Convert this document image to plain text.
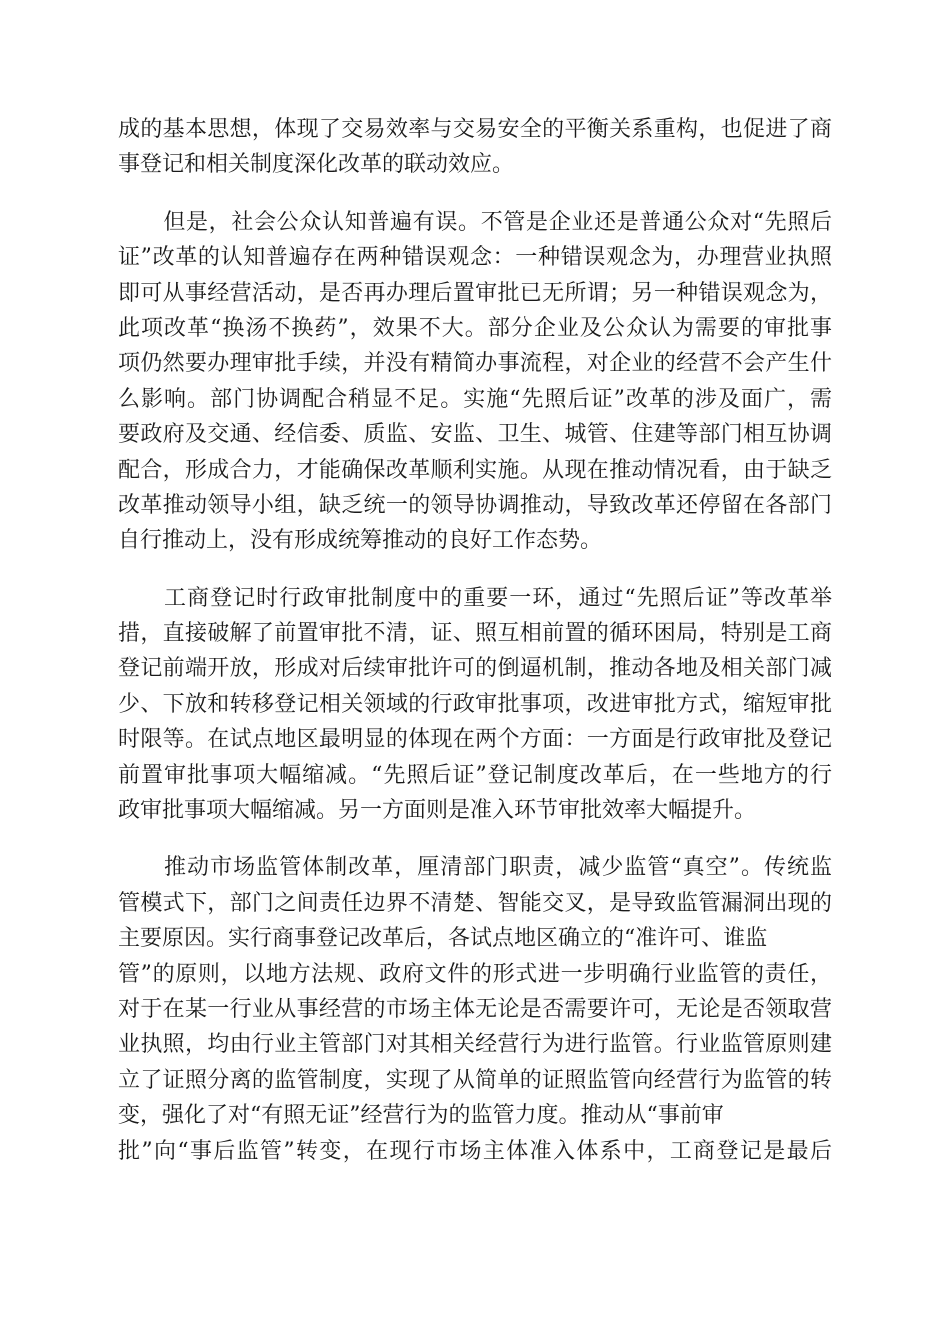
成的基本思想，体现了交易效率与交易安全的平衡关系重构，也促进了商
事登记和相关制度深化改革的联动效应。
　　但是，社会公众认知普遍有误。不管是企业还是普通公众对“先照后
证”改革的认知普遍存在两种错误观念：一种错误观念为，办理营业执照
即可从事经营活动，是否再办理后置审批已无所谓；另一种错误观念为，
此项改革“换汤不换药”，效果不大。部分企业及公众认为需要的审批事
项仍然要办理审批手续，并没有精简办事流程，对企业的经营不会产生什
么影响。部门协调配合稍显不足。实施“先照后证”改革的涉及面广，需
要政府及交通、经信委、质监、安监、卫生、城管、住建等部门相互协调
配合，形成合力，才能确保改革顺利实施。从现在推动情况看，由于缺乏
改革推动领导小组，缺乏统一的领导协调推动，导致改革还停留在各部门
自行推动上，没有形成统筹推动的良好工作态势。
　　工商登记时行政审批制度中的重要一环，通过“先照后证”等改革举
措，直接破解了前置审批不清，证、照互相前置的循环困局，特别是工商
登记前端开放，形成对后续审批许可的倒逼机制，推动各地及相关部门减
少、下放和转移登记相关领域的行政审批事项，改进审批方式，缩短审批
时限等。在试点地区最明显的体现在两个方面：一方面是行政审批及登记
前置审批事项大幅缩减。“先照后证”登记制度改革后，在一些地方的行
政审批事项大幅缩减。另一方面则是准入环节审批效率大幅提升。
　　推动市场监管体制改革，厘清部门职责，减少监管“真空”。传统监
管模式下，部门之间责任边界不清楚、智能交叉，是导致监管漏洞出现的
主要原因。实行商事登记改革后，各试点地区确立的“准许可、谁监
管”的原则，以地方法规、政府文件的形式进一步明确行业监管的责任，
对于在某一行业从事经营的市场主体无论是否需要许可，无论是否领取营
业执照，均由行业主管部门对其相关经营行为进行监管。行业监管原则建
立了证照分离的监管制度，实现了从简单的证照监管向经营行为监管的转
变，强化了对“有照无证”经营行为的监管力度。推动从“事前审
批”向“事后监管”转变，在现行市场主体准入体系中，工商登记是最后
